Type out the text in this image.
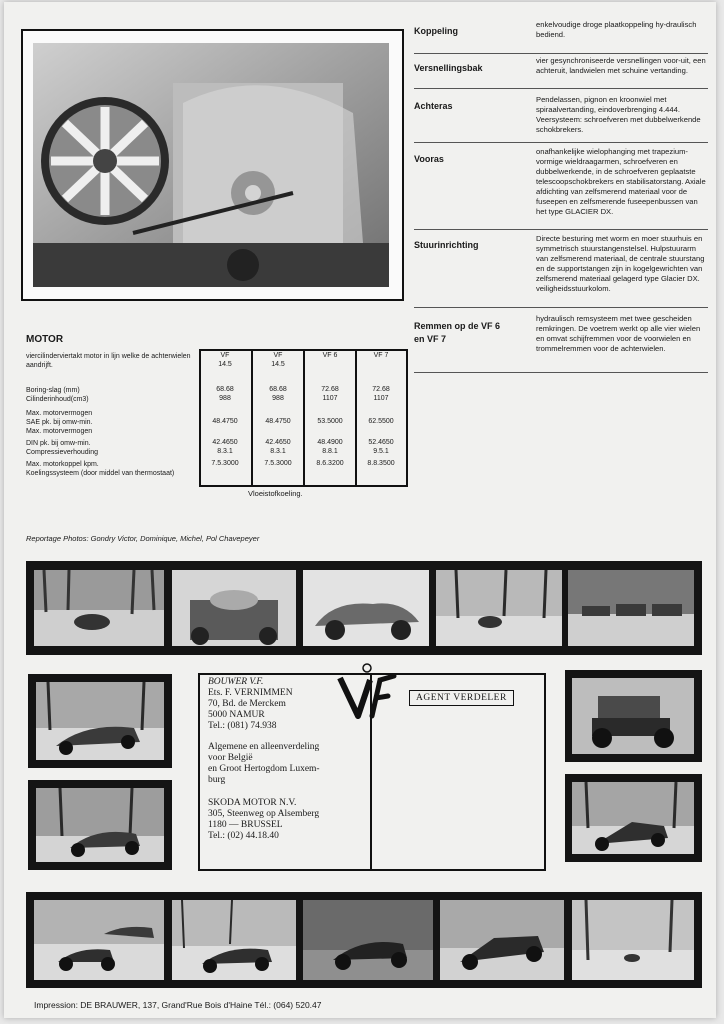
Koppeling
enkelvoudige droge plaatkoppeling hy-draulisch bediend.
Versnellingsbak
vier gesynchroniseerde versnellingen voor-uit, een achteruit, landwielen met schuine vertanding.
Achteras
Pendelassen, pignon en kroonwiel met spiraalvertanding, eindoverbrenging 4.444. Veersysteem: schroefveren met dubbelwerkende schokbrekers.
Vooras
onafhankelijke wielophanging met trapezium-vormige wieldraagarmen, schroefveren en dubbelwerkende, in de schroefveren geplaatste telescoopschokbrekers en stabilisatorstang. Axiale afdichting van zelfsmerend materiaal voor de fuseepen en zelfsmerende fuseepenbussen van het type GLACIER DX.
Stuurinrichting
Directe besturing met worm en moer stuurhuis en symmetrisch stuurstangenstelsel. Hulpstuurarm van zelfsmerend materiaal, de centrale stuurstang en de supportstangen zijn in kogelgewrichten van zelfsmerend materiaal gelagerd type Glacier DX. veiligheidsstuurkolom.
Remmen op de VF 6 en VF 7
hydraulisch remsysteem met twee gescheiden remkringen. De voetrem werkt op alle vier wielen en omvat schijfremmen voor de voorwielen en trommelremmen voor de achterwielen.
MOTOR
viercilinderviertakt motor in lijn welke de achterwielen aandrijft.
Boring-slag (mm)
Cilinderinhoud(cm3)
Max. motorvermogen
SAE pk. bij omw-min.
Max. motorvermogen
DIN pk. bij omw-min.
Compressieverhouding
Max. motorkoppel kpm.
Koelingssysteem (door middel van thermostaat)
VF 14.5
68.68
988
48.4750
42.4650
8.3.1
7.5.3000
VF 14.5
68.68
988
48.4750
42.4650
8.3.1
7.5.3000
VF 6
72.68
1107
53.5000
48.4900
8.8.1
8.6.3200
VF 7
72.68
1107
62.5500
52.4650
9.5.1
8.8.3500
Vloeistofkoeling.
Reportage Photos: Gondry Victor, Dominique, Michel, Pol Chavepeyer
BOUWER V.F.
Ets. F. VERNIMMEN
70, Bd. de Merckem
5000 NAMUR
Tel.: (081) 74.938
Algemene en alleenverdeling
voor België
en Groot Hertogdom Luxem-
burg
SKODA MOTOR N.V.
305, Steenweg op Alsemberg
1180 — BRUSSEL
Tel.: (02) 44.18.40
AGENT VERDELER
Impression: DE BRAUWER, 137, Grand'Rue Bois d'Haine Tél.: (064) 520.47
